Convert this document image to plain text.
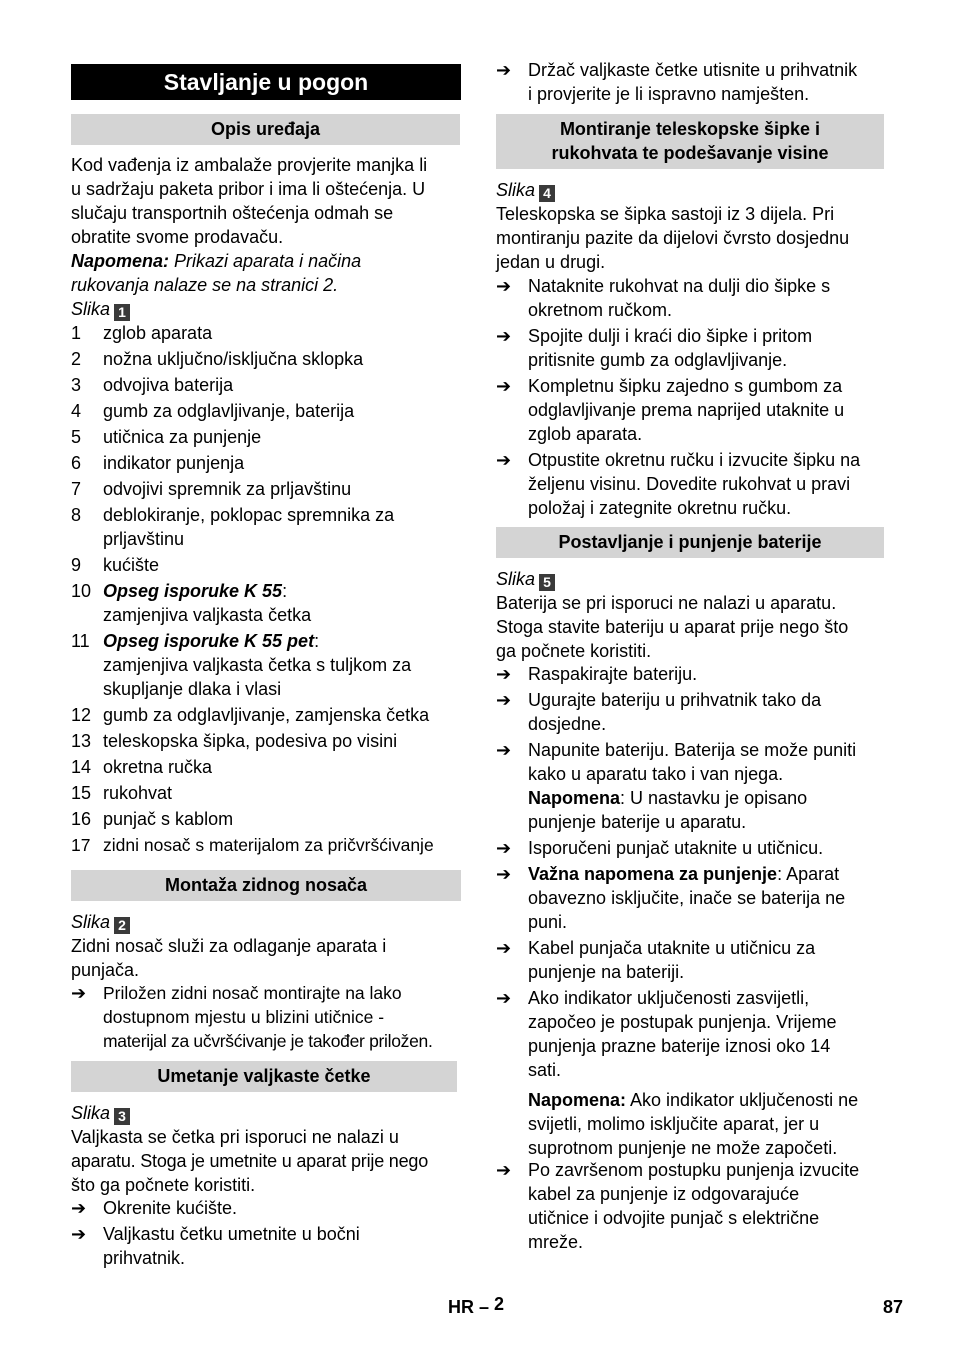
Stavljanje u pogon
Opis uređaja
Kod vađenja iz ambalaže provjerite manjka li
u sadržaju paketa pribor i ima li oštećenja. U
slučaju transportnih oštećenja odmah se
obratite svome prodavaču.
Napomena: Prikazi aparata i načina
rukovanja nalaze se na stranici 2.
Slika 1
1	zglob aparata
2	nožna uključno/isključna sklopka
3	odvojiva baterija
4	gumb za odglavljivanje, baterija
5	utičnica za punjenje
6	indikator punjenja
7	odvojivi spremnik za prljavštinu
8	deblokiranje, poklopac spremnika za
prljavštinu
9	kućište
10 Opseg isporuke K 55:
zamjenjiva valjkasta četka
11 Opseg isporuke K 55 pet:
zamjenjiva valjkasta četka s tuljkom za
skupljanje dlaka i vlasi
12 gumb za odglavljivanje, zamjenska četka
13 teleskopska šipka, podesiva po visini
14 okretna ručka
15 rukohvat
16 punjač s kablom
17 zidni nosač s materijalom za pričvršćivanje
Montaža zidnog nosača
Slika 2
Zidni nosač služi za odlaganje aparata i
punjača.
➔ Priložen zidni nosač montirajte na lako
dostupnom mjestu u blizini utičnice -
materijal za učvršćivanje je također priložen.
Umetanje valjkaste četke
Slika 3
Valjkasta se četka pri isporuci ne nalazi u
aparatu. Stoga je umetnite u aparat prije nego
što ga počnete koristiti.
➔ Okrenite kućište.
➔ Valjkastu četku umetnite u bočni
prihvatnik.
➔ Držač valjkaste četke utisnite u prihvatnik
i provjerite je li ispravno namješten.
Montiranje teleskopske šipke i
rukohvata te podešavanje visine
Slika 4
Teleskopska se šipka sastoji iz 3 dijela. Pri
montiranju pazite da dijelovi čvrsto dosjednu
jedan u drugi.
➔ Nataknite rukohvat na dulji dio šipke s
okretnom ručkom.
➔ Spojite dulji i kraći dio šipke i pritom
pritisnite gumb za odglavljivanje.
➔ Kompletnu šipku zajedno s gumbom za
odglavljivanje prema naprijed utaknite u
zglob aparata.
➔ Otpustite okretnu ručku i izvucite šipku na
željenu visinu. Dovedite rukohvat u pravi
položaj i zategnite okretnu ručku.
Postavljanje i punjenje baterije
Slika 5
Baterija se pri isporuci ne nalazi u aparatu.
Stoga stavite bateriju u aparat prije nego što
ga počnete koristiti.
➔ Raspakirajte bateriju.
➔ Ugurajte bateriju u prihvatnik tako da
dosjedne.
➔ Napunite bateriju. Baterija se može puniti
kako u aparatu tako i van njega.
Napomena: U nastavku je opisano
punjenje baterije u aparatu.
➔ Isporučeni punjač utaknite u utičnicu.
➔ Važna napomena za punjenje: Aparat
obavezno isključite, inače se baterija ne
puni.
➔ Kabel punjača utaknite u utičnicu za
punjenje na bateriji.
➔ Ako indikator uključenosti zasvijetli,
započeo je postupak punjenja. Vrijeme
punjenja prazne baterije iznosi oko 14
sati.
Napomena: Ako indikator uključenosti ne
svijetli, molimo isključite aparat, jer u
suprotnom punjenje ne može započeti.
➔ Po završenom postupku punjenja izvucite
kabel za punjenje iz odgovarajuće
utičnice i odvojite punjač s električne
mreže.
HR – 2	87
